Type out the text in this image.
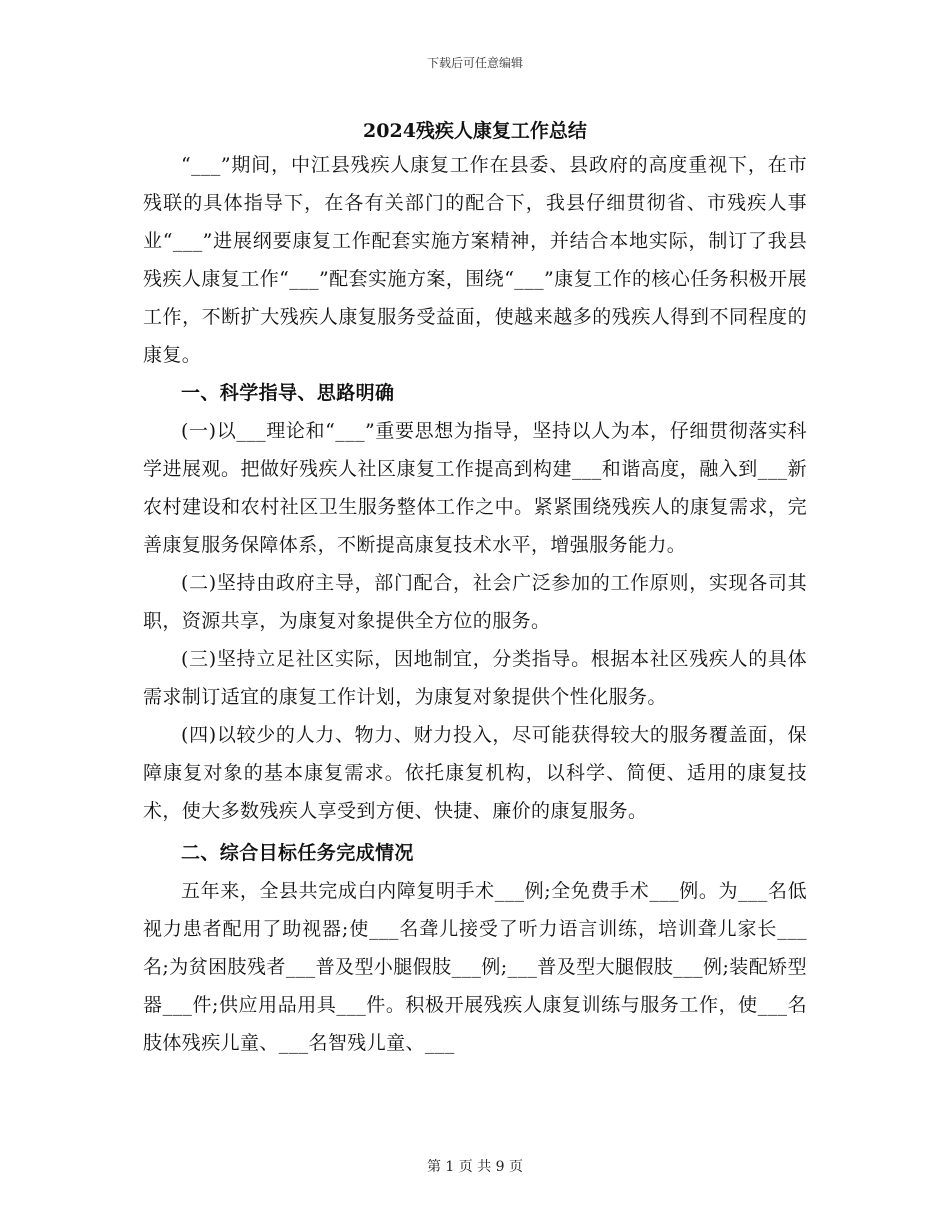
下载后可任意编辑
2024残疾人康复工作总结

“___”期间，中江县残疾人康复工作在县委、县政府的高度重视下，在市残联的具体指导下，在各有关部门的配合下，我县仔细贯彻省、市残疾人事业“___”进展纲要康复工作配套实施方案精神，并结合本地实际，制订了我县残疾人康复工作“___”配套实施方案，围绕“___”康复工作的核心任务积极开展工作，不断扩大残疾人康复服务受益面，使越来越多的残疾人得到不同程度的康复。

一、科学指导、思路明确

(一)以___理论和“___”重要思想为指导，坚持以人为本，仔细贯彻落实科学进展观。把做好残疾人社区康复工作提高到构建___和谐高度，融入到___新农村建设和农村社区卫生服务整体工作之中。紧紧围绕残疾人的康复需求，完善康复服务保障体系，不断提高康复技术水平，增强服务能力。

(二)坚持由政府主导，部门配合，社会广泛参加的工作原则，实现各司其职，资源共享，为康复对象提供全方位的服务。

(三)坚持立足社区实际，因地制宜，分类指导。根据本社区残疾人的具体需求制订适宜的康复工作计划，为康复对象提供个性化服务。

(四)以较少的人力、物力、财力投入，尽可能获得较大的服务覆盖面，保障康复对象的基本康复需求。依托康复机构，以科学、简便、适用的康复技术，使大多数残疾人享受到方便、快捷、廉价的康复服务。

二、综合目标任务完成情况

五年来，全县共完成白内障复明手术___例;全免费手术___例。为___名低视力患者配用了助视器;使___名聋儿接受了听力语言训练，培训聋儿家长___名;为贫困肢残者___普及型小腿假肢___例;___普及型大腿假肢___例;装配矫型器___件;供应用品用具___件。积极开展残疾人康复训练与服务工作，使___名肢体残疾儿童、___名智残儿童、___

第 1 页 共 9 页
